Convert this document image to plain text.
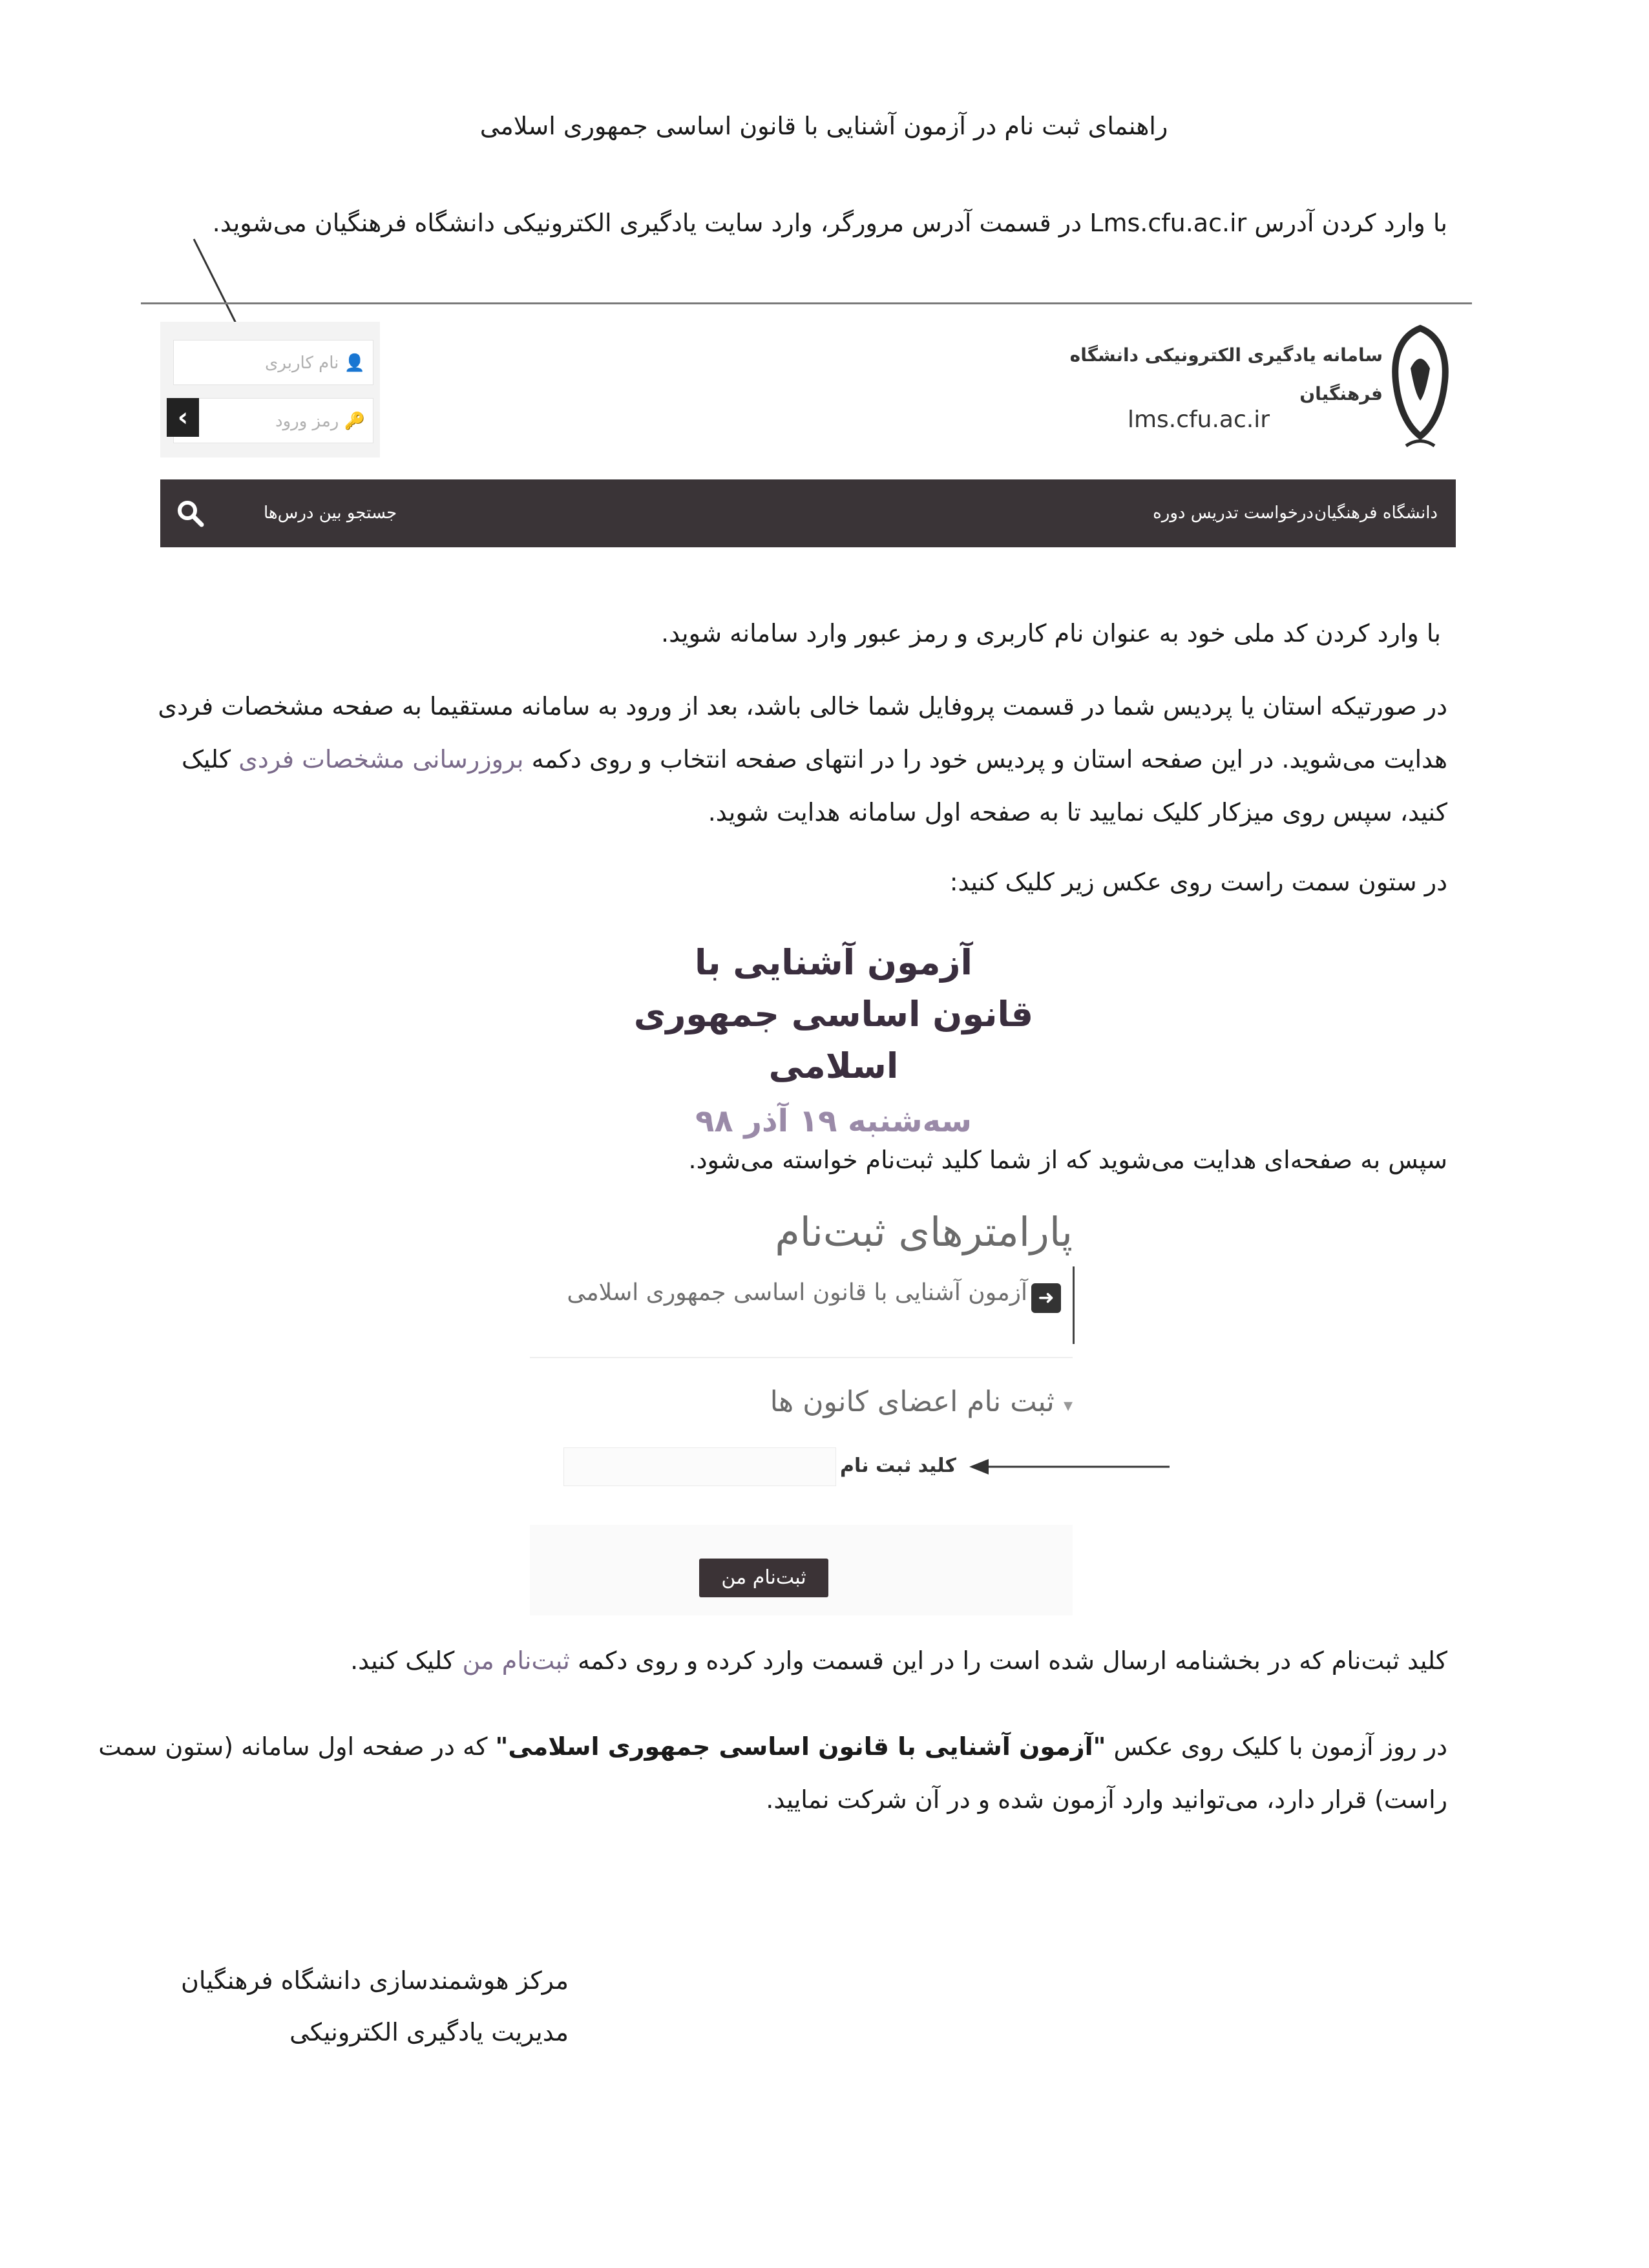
راهنمای ثبت نام در آزمون آشنایی با قانون اساسی جمهوری اسلامی
با وارد کردن آدرس Lms.cfu.ac.ir در قسمت آدرس مرورگر، وارد سایت یادگیری الکترونیکی دانشگاه فرهنگیان می‌شوید.
👤 نام کاربری
🔑 رمز ورود
›
سامانه یادگیری الکترونیکی دانشگاه فرهنگیان
lms.cfu.ac.ir
دانشگاه فرهنگیان
درخواست تدریس دوره
جستجو بین درس‌ها
با وارد کردن کد ملی خود به عنوان نام کاربری و رمز عبور وارد سامانه شوید.
در صورتیکه استان یا پردیس شما در قسمت پروفایل شما خالی باشد، بعد از ورود به سامانه مستقیما به صفحه مشخصات فردی
هدایت می‌شوید. در این صفحه استان و پردیس خود را در انتهای صفحه انتخاب و روی دکمه بروزرسانی مشخصات فردی کلیک
کنید، سپس روی میزکار کلیک نمایید تا به صفحه اول سامانه هدایت شوید.
در ستون سمت راست روی عکس زیر کلیک کنید:
آزمون آشنایی با
قانون اساسی جمهوری اسلامی
سه‌شنبه ۱۹ آذر ۹۸
سپس به صفحه‌ای هدایت می‌شوید که از شما کلید ثبت‌نام خواسته می‌شود.
پارامترهای ثبت‌نام
➜
آزمون آشنایی با قانون اساسی جمهوری اسلامی
▾ ثبت نام اعضای کانون ها
کلید ثبت نام
ثبت‌نام من
کلید ثبت‌نام که در بخشنامه ارسال شده است را در این قسمت وارد کرده و روی دکمه ثبت‌نام من کلیک کنید.
در روز آزمون با کلیک روی عکس "آزمون آشنایی با قانون اساسی جمهوری اسلامی" که در صفحه اول سامانه (ستون سمت
راست) قرار دارد، می‌توانید وارد آزمون شده و در آن شرکت نمایید.
مرکز هوشمندسازی دانشگاه فرهنگیان
مدیریت یادگیری الکترونیکی
